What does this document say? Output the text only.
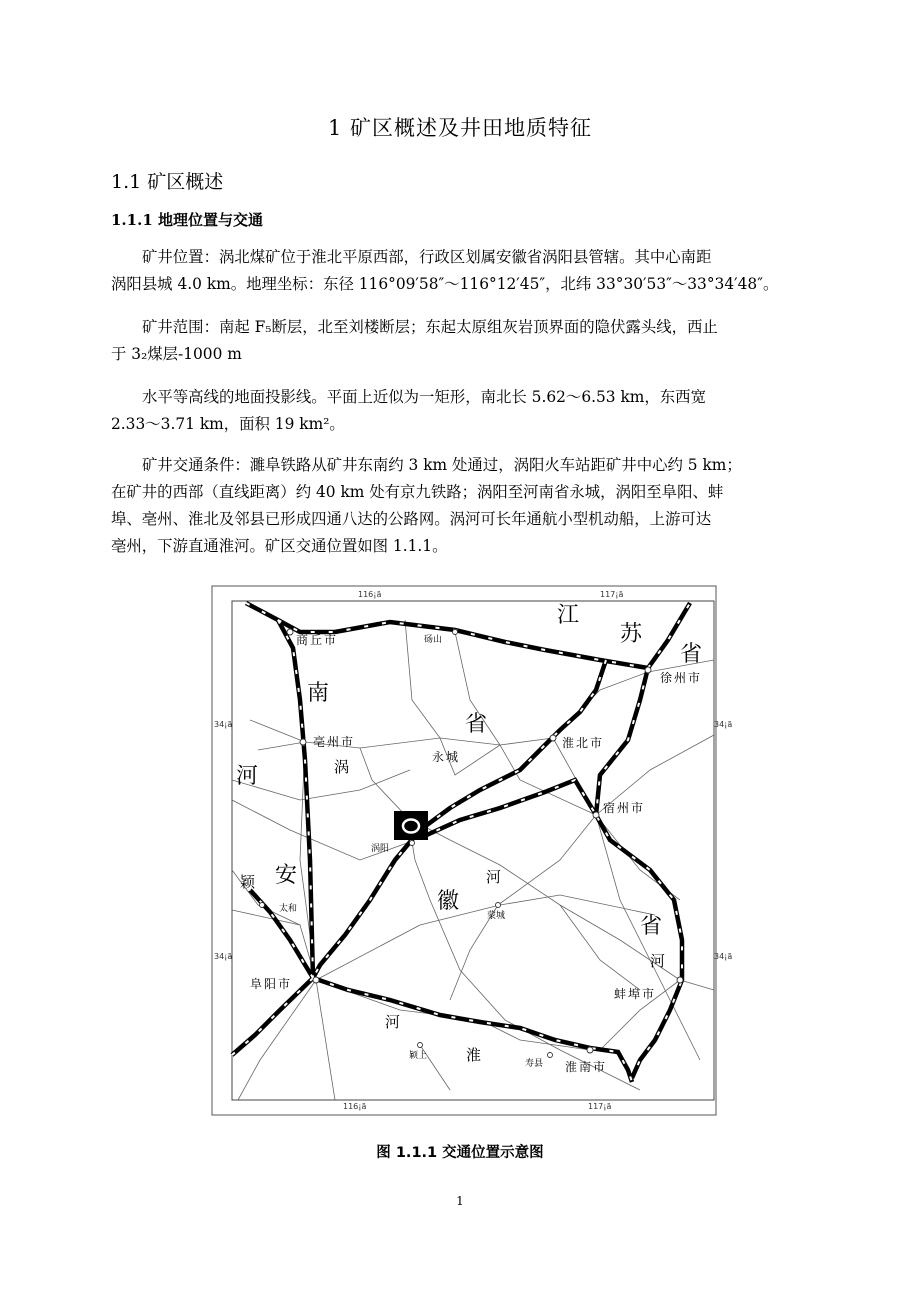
1 矿区概述及井田地质特征
1.1 矿区概述
1.1.1 地理位置与交通
矿井位置：涡北煤矿位于淮北平原西部，行政区划属安徽省涡阳县管辖。其中心南距
涡阳县城 4.0 km。地理坐标：东径 116°09′58″～116°12′45″，北纬 33°30′53″～33°34′48″。
矿井范围：南起 F₅断层，北至刘楼断层；东起太原组灰岩顶界面的隐伏露头线，西止
于 3₂煤层-1000 m
水平等高线的地面投影线。平面上近似为一矩形，南北长 5.62～6.53 km，东西宽
2.33～3.71 km，面积 19 km²。
矿井交通条件：濉阜铁路从矿井东南约 3 km 处通过，涡阳火车站距矿井中心约 5 km；
在矿井的西部（直线距离）约 40 km 处有京九铁路；涡阳至河南省永城，涡阳至阜阳、蚌
埠、亳州、淮北及邻县已形成四通八达的公路网。涡河可长年通航小型机动船，上游可达
亳州，下游直通淮河。矿区交通位置如图 1.1.1。
116¡ã	117¡ã
116¡ã	117¡ã
34¡ã	34¡ã
34¡ã	34¡ã
江
苏
省
南
省
河
安
徽
省
涡
河
河
河
淮
颖
商丘市
徐州市
亳州市
永城
淮北市
宿州市
阜阳市
蚌埠市
淮南市
砀山
涡阳
太和
蒙城
颖上
寿县
图 1.1.1 交通位置示意图
1
